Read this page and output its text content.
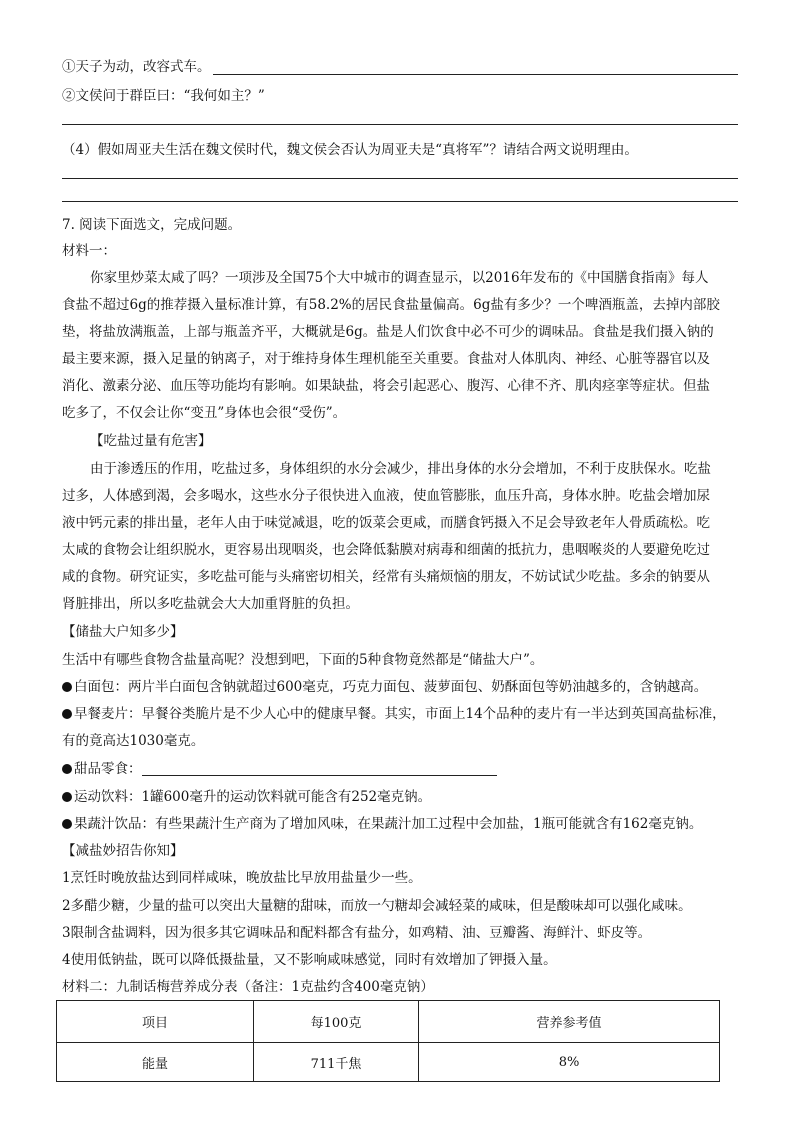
①天子为动，改容式车。
②文侯问于群臣曰：“我何如主？”
（4）假如周亚夫生活在魏文侯时代，魏文侯会否认为周亚夫是“真将军”？请结合两文说明理由。
7. 阅读下面选文，完成问题。
材料一：
你家里炒菜太咸了吗？一项涉及全国75个大中城市的调查显示，以2016年发布的《中国膳食指南》每人
食盐不超过6g的推荐摄入量标准计算，有58.2%的居民食盐量偏高。6g盐有多少？一个啤酒瓶盖，去掉内部胶
垫，将盐放满瓶盖，上部与瓶盖齐平，大概就是6g。盐是人们饮食中必不可少的调味品。食盐是我们摄入钠的
最主要来源，摄入足量的钠离子，对于维持身体生理机能至关重要。食盐对人体肌肉、神经、心脏等器官以及
消化、激素分泌、血压等功能均有影响。如果缺盐，将会引起恶心、腹泻、心律不齐、肌肉痉挛等症状。但盐
吃多了，不仅会让你“变丑”身体也会很“受伤”。
【吃盐过量有危害】
由于渗透压的作用，吃盐过多，身体组织的水分会减少，排出身体的水分会增加，不利于皮肤保水。吃盐
过多，人体感到渴，会多喝水，这些水分子很快进入血液，使血管膨胀，血压升高，身体水肿。吃盐会增加尿
液中钙元素的排出量，老年人由于味觉减退，吃的饭菜会更咸，而膳食钙摄入不足会导致老年人骨质疏松。吃
太咸的食物会让组织脱水，更容易出现咽炎，也会降低黏膜对病毒和细菌的抵抗力，患咽喉炎的人要避免吃过
咸的食物。研究证实，多吃盐可能与头痛密切相关，经常有头痛烦恼的朋友，不妨试试少吃盐。多余的钠要从
肾脏排出，所以多吃盐就会大大加重肾脏的负担。
【储盐大户知多少】
生活中有哪些食物含盐量高呢？没想到吧，下面的5种食物竟然都是“储盐大户”。
白面包：两片半白面包含钠就超过600毫克，巧克力面包、菠萝面包、奶酥面包等奶油越多的，含钠越高。
早餐麦片：早餐谷类脆片是不少人心中的健康早餐。其实，市面上14个品种的麦片有一半达到英国高盐标准，
有的竟高达1030毫克。
甜品零食：
运动饮料：1罐600毫升的运动饮料就可能含有252毫克钠。
果蔬汁饮品：有些果蔬汁生产商为了增加风味，在果蔬汁加工过程中会加盐，1瓶可能就含有162毫克钠。
【减盐妙招告你知】
1烹饪时晚放盐达到同样咸味，晚放盐比早放用盐量少一些。
2多醋少糖，少量的盐可以突出大量糖的甜味，而放一勺糖却会减轻菜的咸味，但是酸味却可以强化咸味。
3限制含盐调料，因为很多其它调味品和配料都含有盐分，如鸡精、油、豆瓣酱、海鲜汁、虾皮等。
4使用低钠盐，既可以降低摄盐量，又不影响咸味感觉，同时有效增加了钾摄入量。
材料二：九制话梅营养成分表（备注：1克盐约含400毫克钠）
项目	每100克	营养参考值
能量	711千焦	8%
